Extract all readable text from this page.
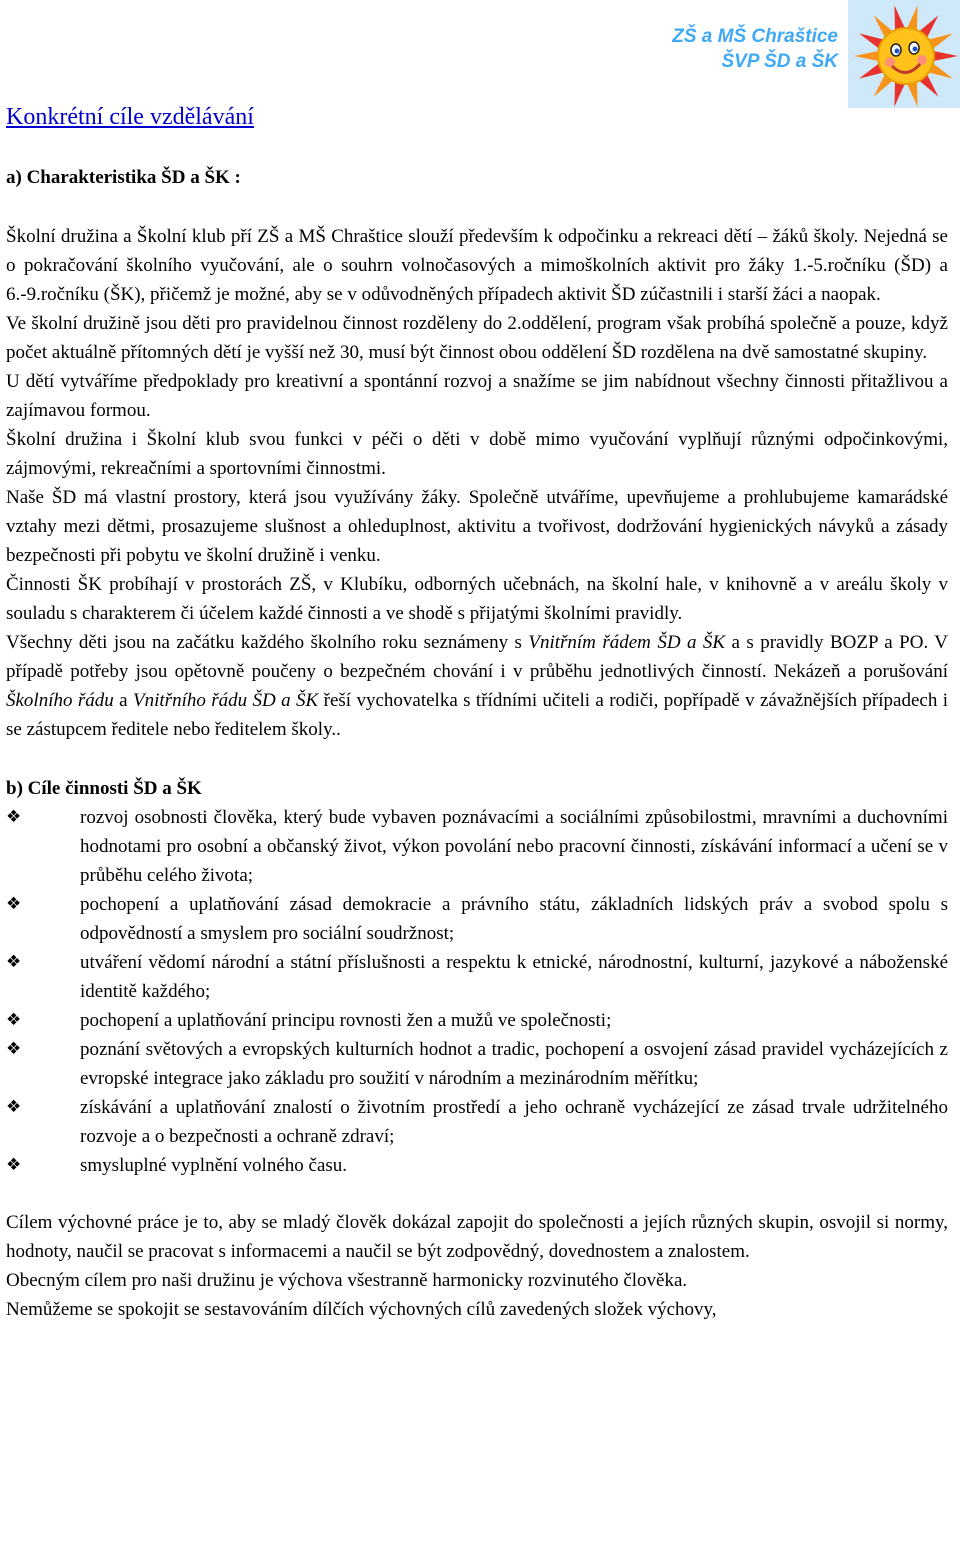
ZŠ a MŠ Chraštice
ŠVP ŠD a ŠK
Konkrétní cíle vzdělávání
a) Charakteristika ŠD a ŠK :

Školní družina a Školní klub pří ZŠ a MŠ Chraštice slouží především k odpočinku a rekreaci dětí – žáků školy. Nejedná se o pokračování školního vyučování, ale o souhrn volnočasových a mimoškolních aktivit pro žáky 1.-5.ročníku (ŠD) a 6.-9.ročníku (ŠK), přičemž je možné, aby se v odůvodněných případech aktivit ŠD zúčastnili i starší žáci a naopak.

Ve školní družině jsou děti pro pravidelnou činnost rozděleny do 2.oddělení, program však probíhá společně a pouze, když počet aktuálně přítomných dětí je vyšší než 30, musí být činnost obou oddělení ŠD rozdělena na dvě samostatné skupiny.

U dětí vytváříme předpoklady pro kreativní a spontánní rozvoj a snažíme se jim nabídnout všechny činnosti přitažlivou a zajímavou formou.

Školní družina i Školní klub svou funkci v péči o děti v době mimo vyučování vyplňují různými odpočinkovými, zájmovými, rekreačními a sportovními činnostmi.

Naše ŠD má vlastní prostory, která jsou využívány žáky. Společně utváříme, upevňujeme a prohlubujeme kamarádské vztahy mezi dětmi, prosazujeme slušnost a ohleduplnost, aktivitu a tvořivost, dodržování hygienických návyků a zásady bezpečnosti při pobytu ve školní družině i venku.

Činnosti ŠK probíhají v prostorách ZŠ, v Klubíku, odborných učebnách, na školní hale, v knihovně a v areálu školy v souladu s charakterem či účelem každé činnosti a ve shodě s přijatými školními pravidly.

Všechny děti jsou na začátku každého školního roku seznámeny s Vnitřním řádem ŠD a ŠK a s pravidly BOZP a PO. V případě potřeby jsou opětovně poučeny o bezpečném chování i v průběhu jednotlivých činností. Nekázeň a porušování Školního řádu a Vnitřního řádu ŠD a ŠK řeší vychovatelka s třídními učiteli a rodiči, popřípadě v závažnějších případech i se zástupcem ředitele nebo ředitelem školy..

b) Cíle činnosti ŠD a ŠK
❖	rozvoj osobnosti člověka, který bude vybaven poznávacími a sociálními způsobilostmi, mravními a duchovními hodnotami pro osobní a občanský život, výkon povolání nebo pracovní činnosti, získávání informací a učení se v průběhu celého života;
❖	pochopení a uplatňování zásad demokracie a právního státu, základních lidských práv a svobod spolu s odpovědností a smyslem pro sociální soudržnost;
❖	utváření vědomí národní a státní příslušnosti a respektu k etnické, národnostní, kulturní, jazykové a náboženské identitě každého;
❖	pochopení a uplatňování principu rovnosti žen a mužů ve společnosti;
❖	poznání světových a evropských kulturních hodnot a tradic, pochopení a osvojení zásad pravidel vycházejících z evropské integrace jako základu pro soužití v národním a mezinárodním měřítku;
❖	získávání a uplatňování znalostí o životním prostředí a jeho ochraně vycházející ze zásad trvale udržitelného rozvoje a o bezpečnosti a ochraně zdraví;
❖	smysluplné vyplnění volného času.

Cílem výchovné práce je to, aby se mladý člověk dokázal zapojit do společnosti a jejích různých skupin, osvojil si normy, hodnoty, naučil se pracovat s informacemi a naučil se být zodpovědný, dovednostem a znalostem.

Obecným cílem pro naši družinu je výchova všestranně harmonicky rozvinutého člověka.

Nemůžeme se spokojit se sestavováním dílčích výchovných cílů zavedených složek výchovy,
